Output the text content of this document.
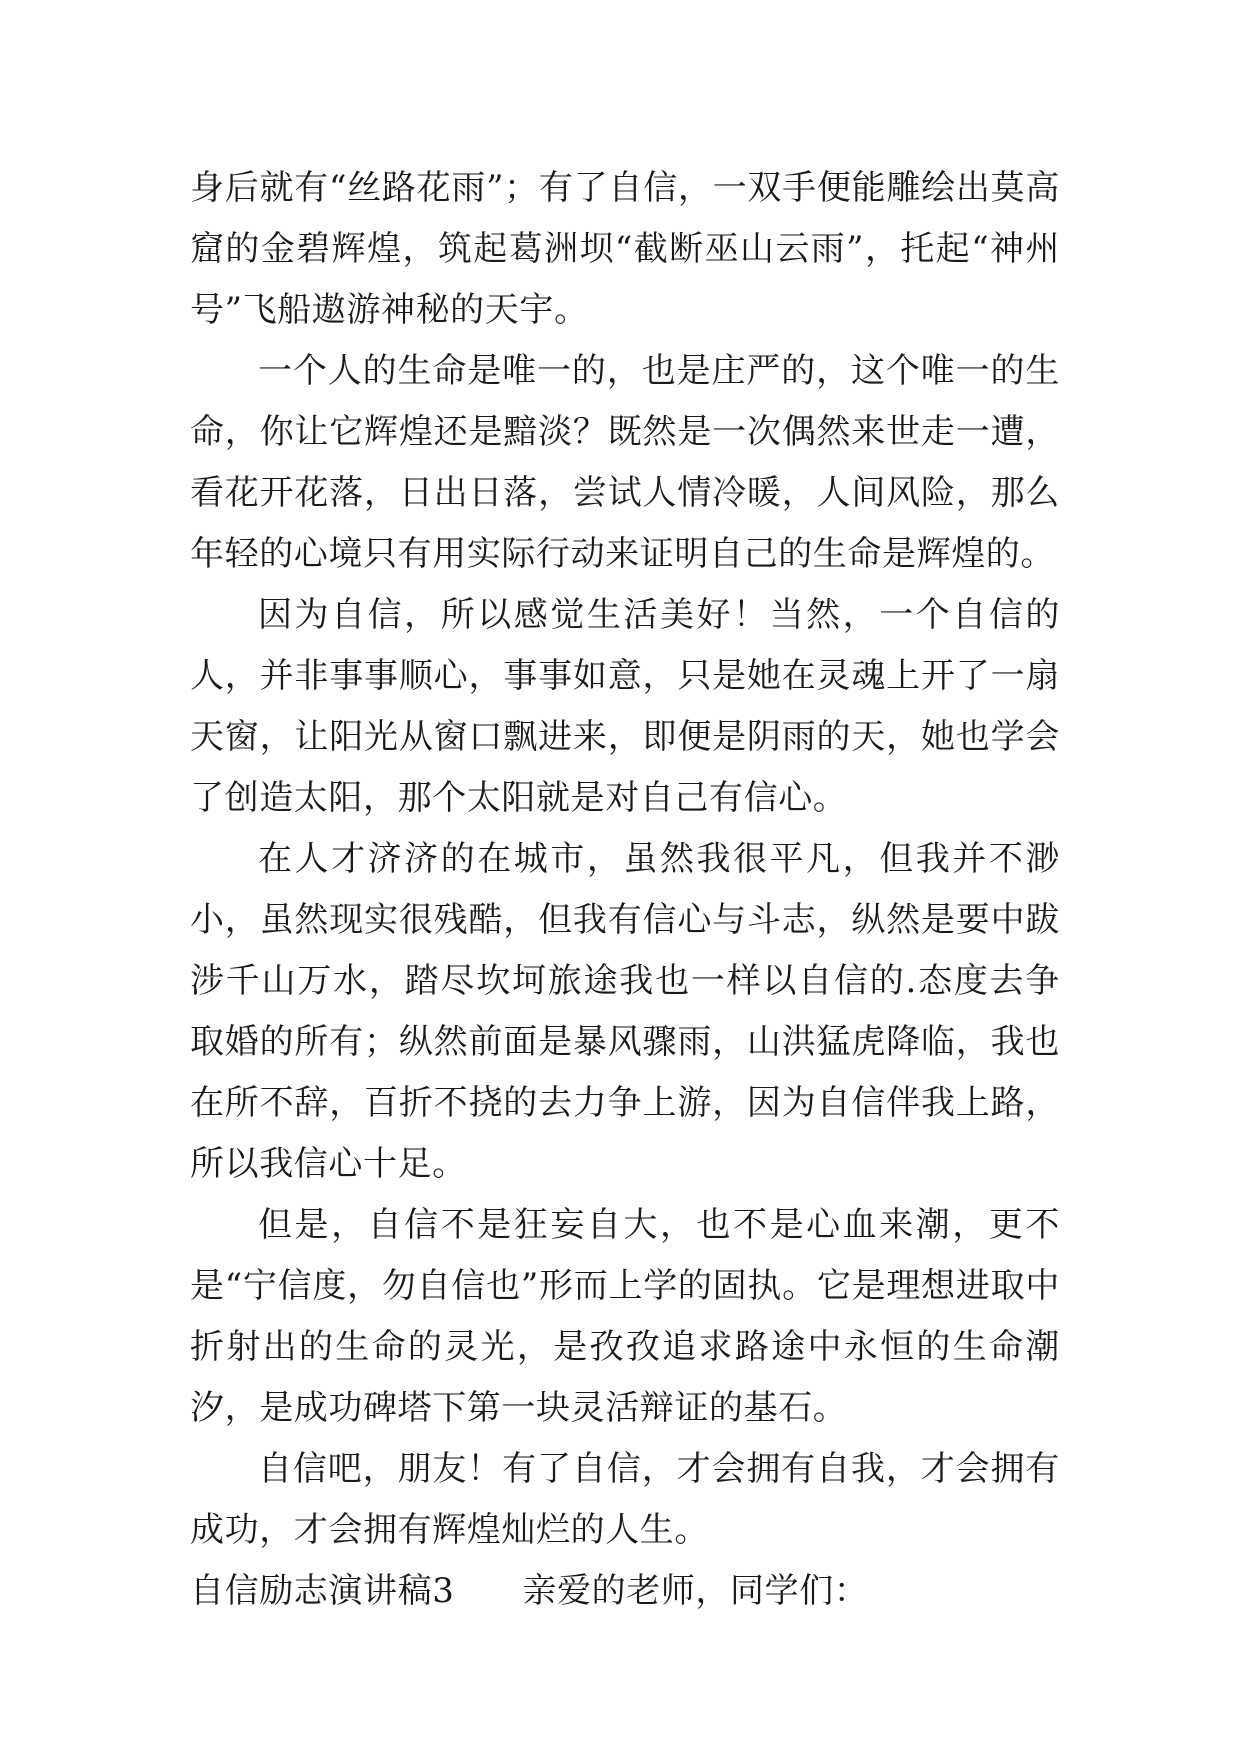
身后就有“丝路花雨”；有了自信，一双手便能雕绘出莫高窟的金碧辉煌，筑起葛洲坝“截断巫山云雨”，托起“神州号”飞船遨游神秘的天宇。

一个人的生命是唯一的，也是庄严的，这个唯一的生命，你让它辉煌还是黯淡？既然是一次偶然来世走一遭，看花开花落，日出日落，尝试人情冷暖，人间风险，那么年轻的心境只有用实际行动来证明自己的生命是辉煌的。

因为自信，所以感觉生活美好！当然，一个自信的人，并非事事顺心，事事如意，只是她在灵魂上开了一扇天窗，让阳光从窗口飘进来，即便是阴雨的天，她也学会了创造太阳，那个太阳就是对自己有信心。

在人才济济的在城市，虽然我很平凡，但我并不渺小，虽然现实很残酷，但我有信心与斗志，纵然是要中跋涉千山万水，踏尽坎坷旅途我也一样以自信的.态度去争取婚的所有；纵然前面是暴风骤雨，山洪猛虎降临，我也在所不辞，百折不挠的去力争上游，因为自信伴我上路，所以我信心十足。

但是，自信不是狂妄自大，也不是心血来潮，更不是“宁信度，勿自信也”形而上学的固执。它是理想进取中折射出的生命的灵光，是孜孜追求路途中永恒的生命潮汐，是成功碑塔下第一块灵活辩证的基石。

自信吧，朋友！有了自信，才会拥有自我，才会拥有成功，才会拥有辉煌灿烂的人生。

自信励志演讲稿3 亲爱的老师，同学们：
